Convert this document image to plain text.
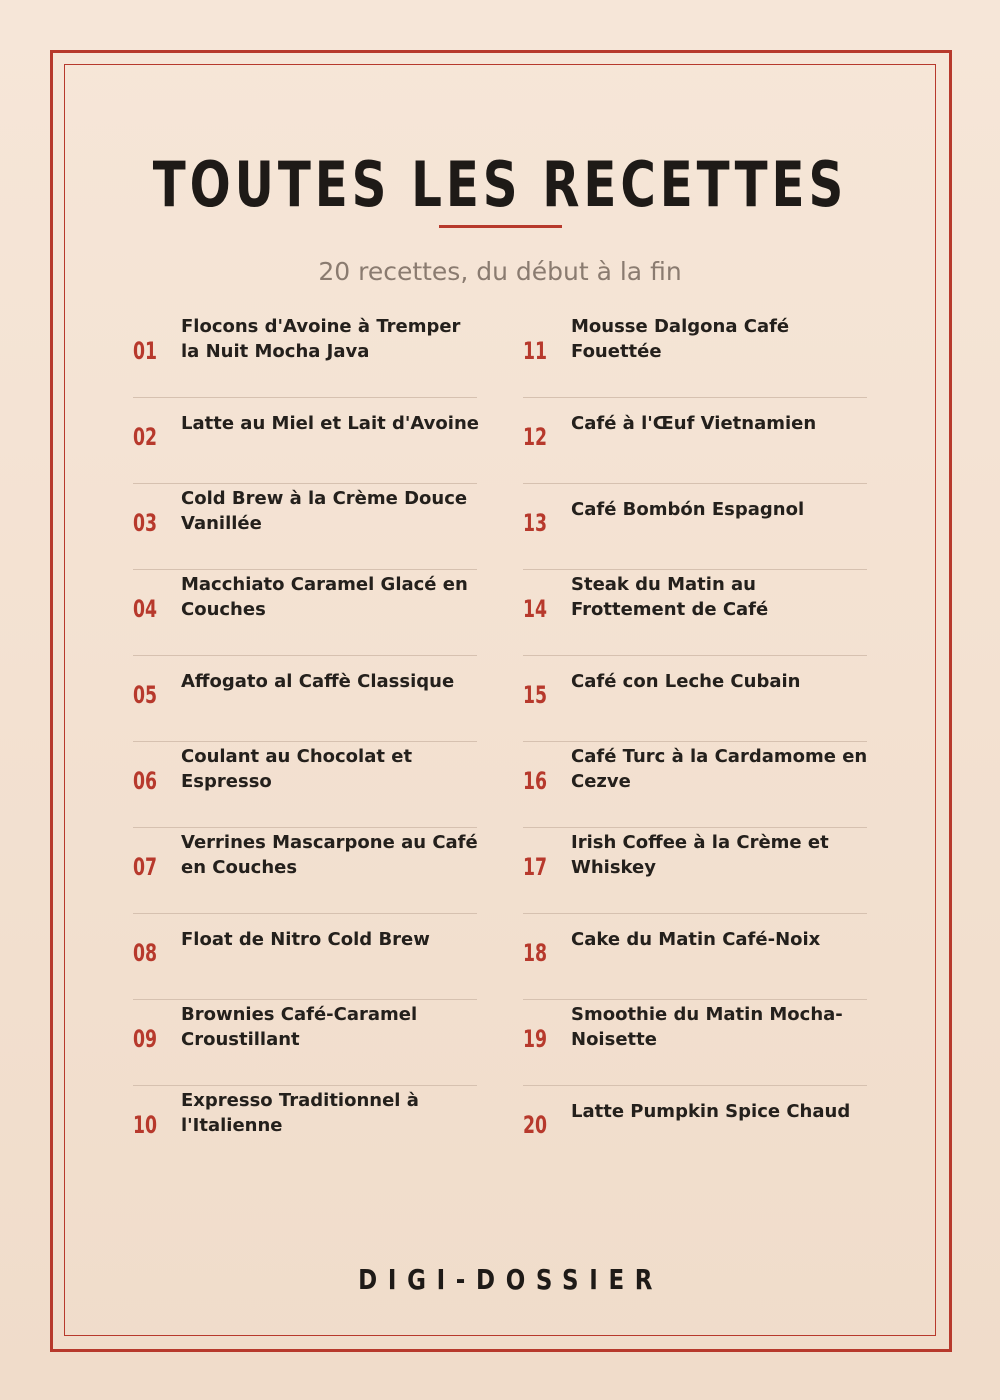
TOUTES LES RECETTES
20 recettes, du début à la fin
01
Flocons d'Avoine à Tremper la Nuit Mocha Java
02 Latte au Miel et Lait d'Avoine
03
Cold Brew à la Crème Douce Vanillée
04
Macchiato Caramel Glacé en Couches
05 Affogato al Caffè Classique
06
Coulant au Chocolat et Espresso
07
Verrines Mascarpone au Café en Couches
08 Float de Nitro Cold Brew
09
Brownies Café-Caramel Croustillant
10
Expresso Traditionnel à l'Italienne
11
Mousse Dalgona Café Fouettée
12 Café à l'Œuf Vietnamien
13 Café Bombón Espagnol
14
Steak du Matin au Frottement de Café
15 Café con Leche Cubain
16
Café Turc à la Cardamome en Cezve
17
Irish Coffee à la Crème et Whiskey
18 Cake du Matin Café-Noix
19
Smoothie du Matin Mocha-Noisette
20 Latte Pumpkin Spice Chaud
DIGI-DOSSIER
